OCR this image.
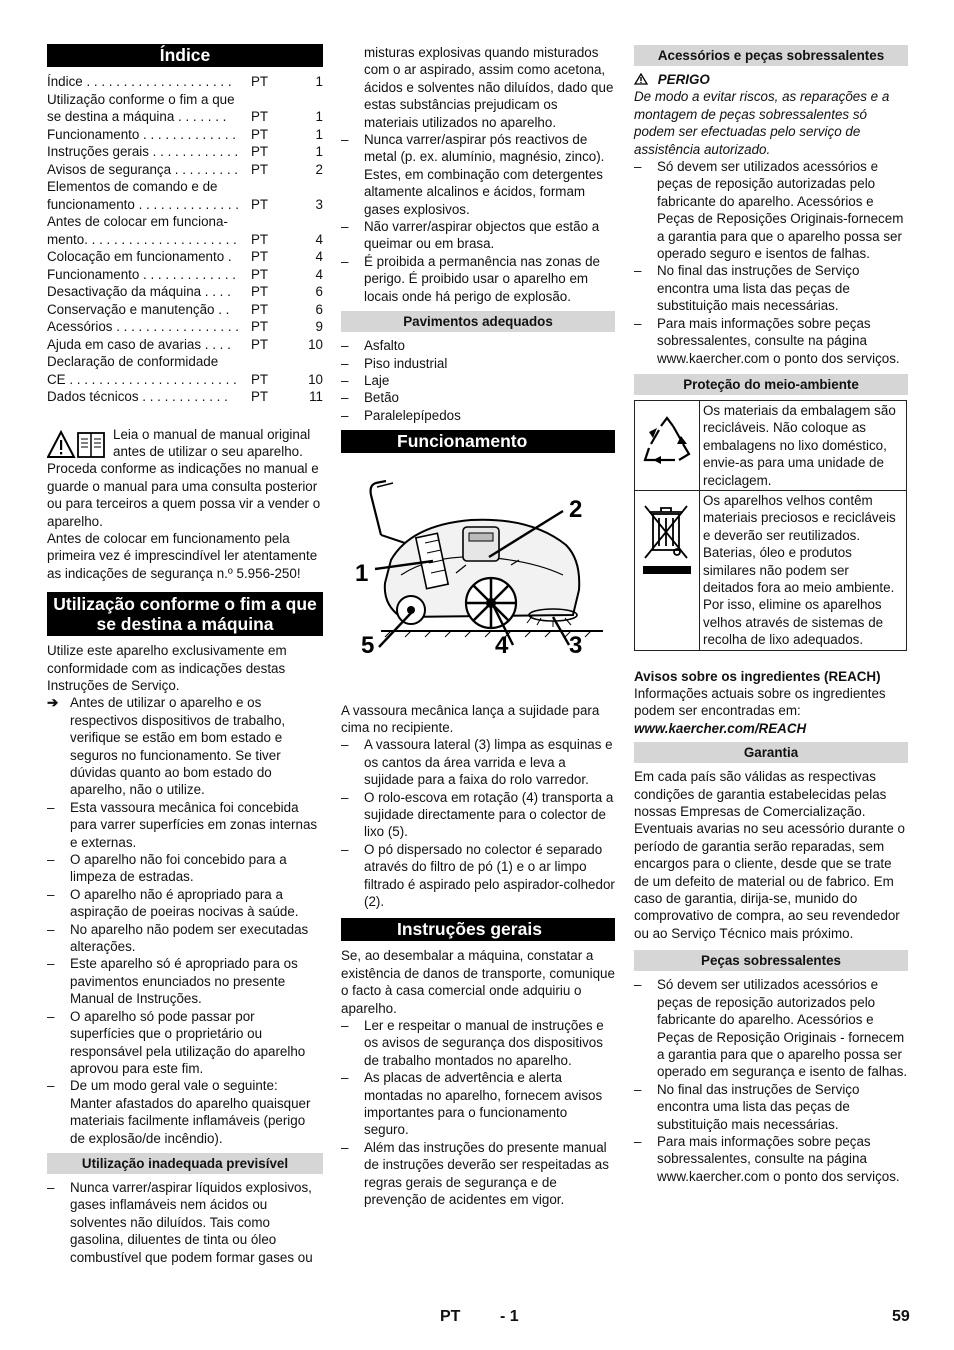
Índice
Índice . . . . . . . . . . . . . . . . . . . .	PT	1
Utilização conforme o fim a que
se destina a máquina . . . . . . .	PT	1
Funcionamento . . . . . . . . . . . . .	PT	1
Instruções gerais . . . . . . . . . . . . PT	1
Avisos de segurança . . . . . . . . . PT	2
Elementos de comando e de
funcionamento . . . . . . . . . . . . . . PT	3
Antes de colocar em funciona-
mento. . . . . . . . . . . . . . . . . . . . .	PT	4
Colocação em funcionamento .	PT	4
Funcionamento . . . . . . . . . . . . .	PT	4
Desactivação da máquina . . . .	PT	6
Conservação e manutenção . .	PT	6
Acessórios . . . . . . . . . . . . . . . . . PT	9
Ajuda em caso de avarias . . . .	PT	10
Declaração de conformidade
CE . . . . . . . . . . . . . . . . . . . . . . .	PT	10
Dados técnicos . . . . . . . . . . . .	PT	11

Leia o manual de manual original antes de utilizar o seu aparelho. Proceda conforme as indicações no manual e guarde o manual para uma consulta posterior ou para terceiros a quem possa vir a vender o aparelho.

Antes de colocar em funcionamento pela primeira vez é imprescindível ler atentamente as indicações de segurança n.º 5.956-250!

Utilização conforme o fim a que se destina a máquina

Utilize este aparelho exclusivamente em conformidade com as indicações destas Instruções de Serviço.

➔ Antes de utilizar o aparelho e os respectivos dispositivos de trabalho, verifique se estão em bom estado e seguros no funcionamento. Se tiver dúvidas quanto ao bom estado do aparelho, não o utilize.
– Esta vassoura mecânica foi concebida para varrer superfícies em zonas internas e externas.
– O aparelho não foi concebido para a limpeza de estradas.
– O aparelho não é apropriado para a aspiração de poeiras nocivas à saúde.
– No aparelho não podem ser executadas alterações.
– Este aparelho só é apropriado para os pavimentos enunciados no presente Manual de Instruções.
– O aparelho só pode passar por superfícies que o proprietário ou responsável pela utilização do aparelho aprovou para este fim.
– De um modo geral vale o seguinte: Manter afastados do aparelho quaisquer materiais facilmente inflamáveis (perigo de explosão/de incêndio).
Utilização inadequada previsível
– Nunca varrer/aspirar líquidos explosivos, gases inflamáveis nem ácidos ou solventes não diluídos. Tais como gasolina, diluentes de tinta ou óleo combustível que podem formar gases ou

misturas explosivas quando misturados com o ar aspirado, assim como acetona, ácidos e solventes não diluídos, dado que estas substâncias prejudicam os materiais utilizados no aparelho.

– Nunca varrer/aspirar pós reactivos de metal (p. ex. alumínio, magnésio, zinco). Estes, em combinação com detergentes altamente alcalinos e ácidos, formam gases explosivos.
– Não varrer/aspirar objectos que estão a queimar ou em brasa.
– É proibida a permanência nas zonas de perigo. É proibido usar o aparelho em locais onde há perigo de explosão.
Pavimentos adequados
– Asfalto
– Piso industrial
– Laje
– Betão
– Paralelepípedos
Funcionamento
1
2
3
4
5

A vassoura mecânica lança a sujidade para cima no recipiente.

– A vassoura lateral (3) limpa as esquinas e os cantos da área varrida e leva a sujidade para a faixa do rolo varredor.
– O rolo-escova em rotação (4) transporta a sujidade directamente para o colector de lixo (5).
– O pó dispersado no colector é separado através do filtro de pó (1) e o ar limpo filtrado é aspirado pelo aspirador-colhedor (2).
Instruções gerais

Se, ao desembalar a máquina, constatar a existência de danos de transporte, comunique o facto à casa comercial onde adquiriu o aparelho.

– Ler e respeitar o manual de instruções e os avisos de segurança dos dispositivos de trabalho montados no aparelho.
– As placas de advertência e alerta montadas no aparelho, fornecem avisos importantes para o funcionamento seguro.
– Além das instruções do presente manual de instruções deverão ser respeitadas as regras gerais de segurança e de prevenção de acidentes em vigor.
Acessórios e peças sobressalentes
PERIGO

De modo a evitar riscos, as reparações e a montagem de peças sobressalentes só podem ser efectuadas pelo serviço de assistência autorizado.

– Só devem ser utilizados acessórios e peças de reposição autorizadas pelo fabricante do aparelho. Acessórios e Peças de Reposições Originais-fornecem a garantia para que o aparelho possa ser operado seguro e isentos de falhas.
– No final das instruções de Serviço encontra uma lista das peças de substituição mais necessárias.
– Para mais informações sobre peças sobressalentes, consulte na página www.kaercher.com o ponto dos serviços.
Proteção do meio-ambiente
	Os materiais da embalagem são recicláveis. Não coloque as embalagens no lixo doméstico, envie-as para uma unidade de reciclagem.
	Os aparelhos velhos contêm materiais preciosos e recicláveis e deverão ser reutilizados. Baterias, óleo e produtos similares não podem ser deitados fora ao meio ambiente. Por isso, elimine os aparelhos velhos através de sistemas de recolha de lixo adequados.

Avisos sobre os ingredientes (REACH)

Informações actuais sobre os ingredientes podem ser encontradas em:

www.kaercher.com/REACH

Garantia

Em cada país são válidas as respectivas condições de garantia estabelecidas pelas nossas Empresas de Comercialização. Eventuais avarias no seu acessório durante o período de garantia serão reparadas, sem encargos para o cliente, desde que se trate de um defeito de material ou de fabrico. Em caso de garantia, dirija-se, munido do comprovativo de compra, ao seu revendedor ou ao Serviço Técnico mais próximo.

Peças sobressalentes
– Só devem ser utilizados acessórios e peças de reposição autorizados pelo fabricante do aparelho. Acessórios e Peças de Reposição Originais - fornecem a garantia para que o aparelho possa ser operado em segurança e isento de falhas.
– No final das instruções de Serviço encontra uma lista das peças de substituição mais necessárias.
– Para mais informações sobre peças sobressalentes, consulte na página www.kaercher.com o ponto dos serviços.
PT - 1	59
